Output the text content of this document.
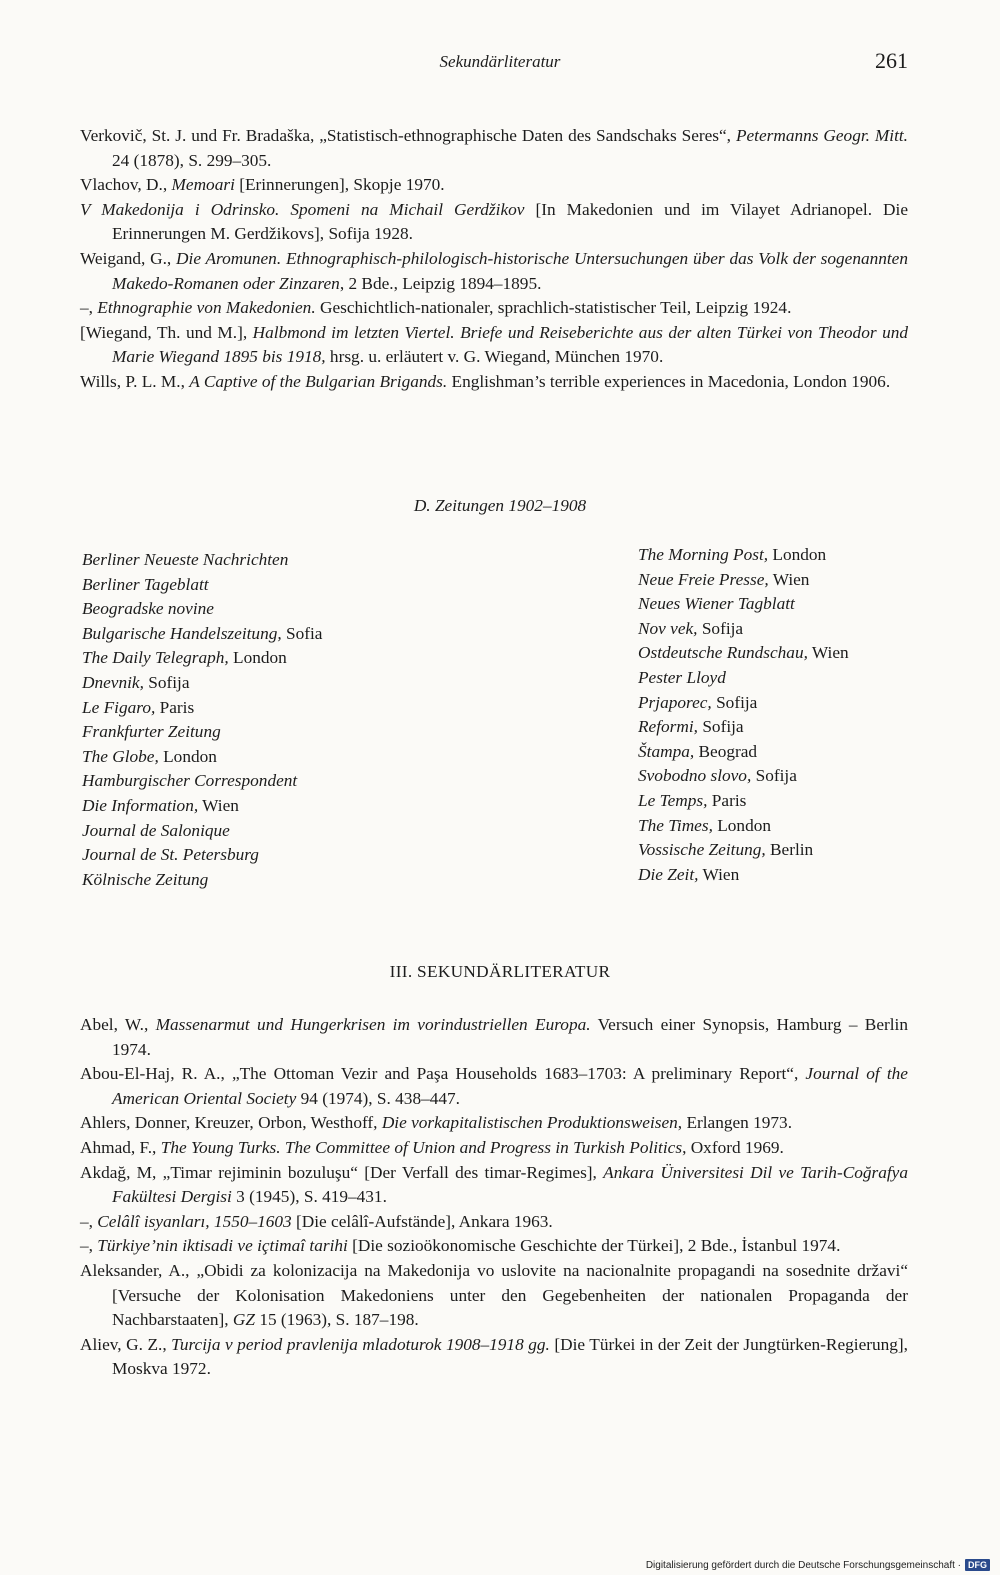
Sekundärliteratur	261

Verkovič, St. J. und Fr. Bradaška, „Statistisch-ethnographische Daten des Sandschaks Seres“, Petermanns Geogr. Mitt. 24 (1878), S. 299–305.

Vlachov, D., Memoari [Erinnerungen], Skopje 1970.

V Makedonija i Odrinsko. Spomeni na Michail Gerdžikov [In Makedonien und im Vilayet Adrianopel. Die Erinnerungen M. Gerdžikovs], Sofija 1928.

Weigand, G., Die Aromunen. Ethnographisch-philologisch-historische Untersuchungen über das Volk der sogenannten Makedo-Romanen oder Zinzaren, 2 Bde., Leipzig 1894–1895.

–, Ethnographie von Makedonien. Geschichtlich-nationaler, sprachlich-statistischer Teil, Leipzig 1924.

[Wiegand, Th. und M.], Halbmond im letzten Viertel. Briefe und Reiseberichte aus der alten Türkei von Theodor und Marie Wiegand 1895 bis 1918, hrsg. u. erläutert v. G. Wiegand, München 1970.

Wills, P. L. M., A Captive of the Bulgarian Brigands. Englishman’s terrible experiences in Macedonia, London 1906.

D. Zeitungen 1902–1908
Berliner Neueste Nachrichten
Berliner Tageblatt
Beogradske novine
Bulgarische Handelszeitung, Sofia
The Daily Telegraph, London
Dnevnik, Sofija
Le Figaro, Paris
Frankfurter Zeitung
The Globe, London
Hamburgischer Correspondent
Die Information, Wien
Journal de Salonique
Journal de St. Petersburg
Kölnische Zeitung
The Morning Post, London
Neue Freie Presse, Wien
Neues Wiener Tagblatt
Nov vek, Sofija
Ostdeutsche Rundschau, Wien
Pester Lloyd
Prjaporec, Sofija
Reformi, Sofija
Štampa, Beograd
Svobodno slovo, Sofija
Le Temps, Paris
The Times, London
Vossische Zeitung, Berlin
Die Zeit, Wien
III. SEKUNDÄRLITERATUR

Abel, W., Massenarmut und Hungerkrisen im vorindustriellen Europa. Versuch einer Synopsis, Hamburg – Berlin 1974.

Abou-El-Haj, R. A., „The Ottoman Vezir and Paşa Households 1683–1703: A preliminary Report“, Journal of the American Oriental Society 94 (1974), S. 438–447.

Ahlers, Donner, Kreuzer, Orbon, Westhoff, Die vorkapitalistischen Produktionsweisen, Erlangen 1973.

Ahmad, F., The Young Turks. The Committee of Union and Progress in Turkish Politics, Oxford 1969.

Akdağ, M, „Timar rejiminin bozuluşu“ [Der Verfall des timar-Regimes], Ankara Üniversitesi Dil ve Tarih-Coğrafya Fakültesi Dergisi 3 (1945), S. 419–431.

–, Celâlî isyanları, 1550–1603 [Die celâlî-Aufstände], Ankara 1963.

–, Türkiye’nin iktisadi ve içtimaî tarihi [Die sozioökonomische Geschichte der Türkei], 2 Bde., İstanbul 1974.

Aleksander, A., „Obidi za kolonizacija na Makedonija vo uslovite na nacionalnite propagandi na sosednite državi“ [Versuche der Kolonisation Makedoniens unter den Gegebenheiten der nationalen Propaganda der Nachbarstaaten], GZ 15 (1963), S. 187–198.

Aliev, G. Z., Turcija v period pravlenija mladoturok 1908–1918 gg. [Die Türkei in der Zeit der Jungtürken-Regierung], Moskva 1972.

Digitalisierung gefördert durch die Deutsche Forschungsgemeinschaft · DFG
